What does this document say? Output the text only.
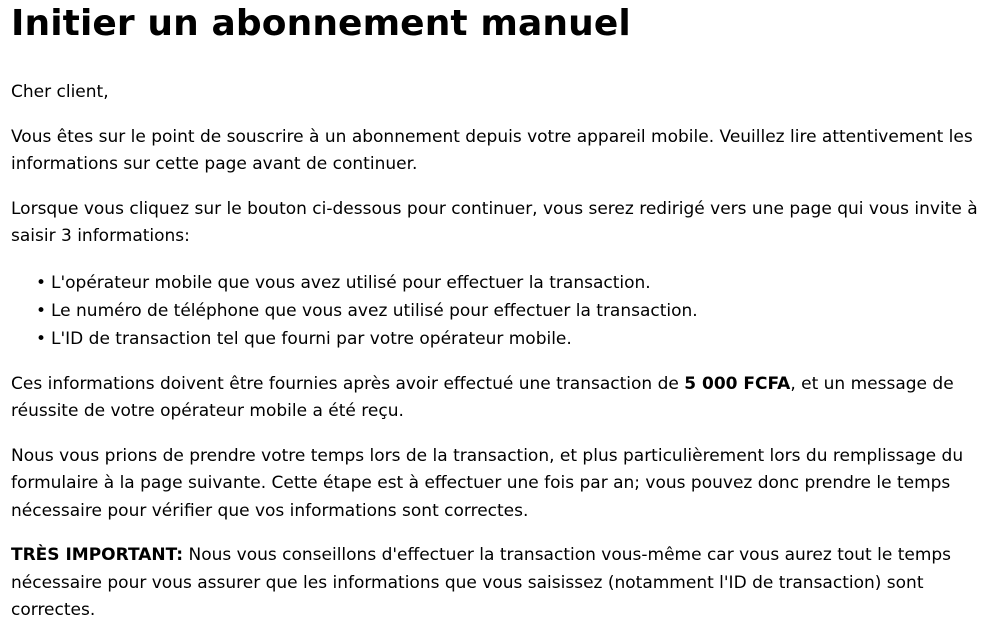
Initier un abonnement manuel

Cher client,

Vous êtes sur le point de souscrire à un abonnement depuis votre appareil mobile. Veuillez lire attentivement les informations sur cette page avant de continuer.

Lorsque vous cliquez sur le bouton ci-dessous pour continuer, vous serez redirigé vers une page qui vous invite à saisir 3 informations:

• L'opérateur mobile que vous avez utilisé pour effectuer la transaction.
• Le numéro de téléphone que vous avez utilisé pour effectuer la transaction.
• L'ID de transaction tel que fourni par votre opérateur mobile.

Ces informations doivent être fournies après avoir effectué une transaction de 5 000 FCFA, et un message de réussite de votre opérateur mobile a été reçu.

Nous vous prions de prendre votre temps lors de la transaction, et plus particulièrement lors du remplissage du formulaire à la page suivante. Cette étape est à effectuer une fois par an; vous pouvez donc prendre le temps nécessaire pour vérifier que vos informations sont correctes.

TRÈS IMPORTANT: Nous vous conseillons d'effectuer la transaction vous-même car vous aurez tout le temps nécessaire pour vous assurer que les informations que vous saisissez (notamment l'ID de transaction) sont correctes.
